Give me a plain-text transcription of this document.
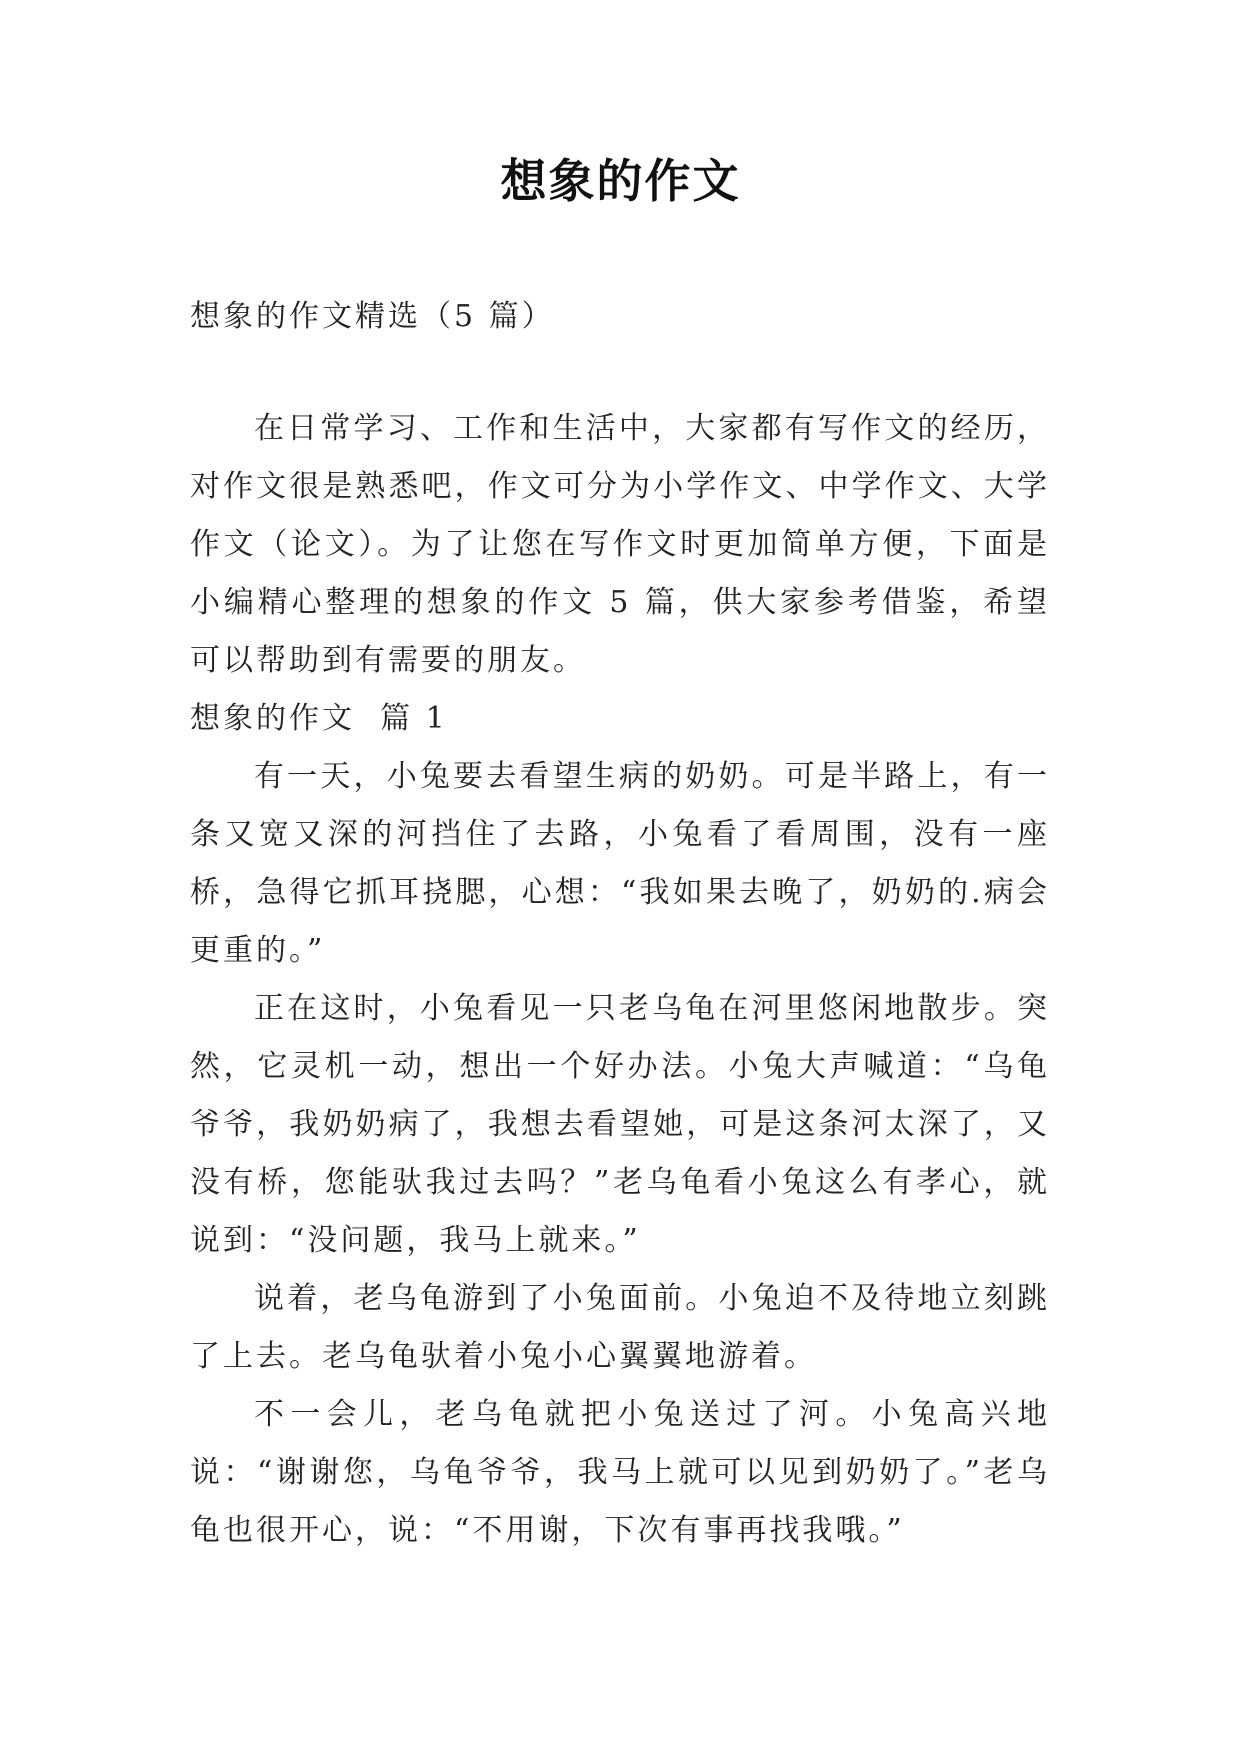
想象的作文

想象的作文精选（5 篇）

在日常学习、工作和生活中，大家都有写作文的经历，对作文很是熟悉吧，作文可分为小学作文、中学作文、大学作文（论文）。为了让您在写作文时更加简单方便，下面是小编精心整理的想象的作文 5 篇，供大家参考借鉴，希望可以帮助到有需要的朋友。

想象的作文  篇 1

有一天，小兔要去看望生病的奶奶。可是半路上，有一条又宽又深的河挡住了去路，小兔看了看周围，没有一座桥，急得它抓耳挠腮，心想：“我如果去晚了，奶奶的.病会更重的。”

正在这时，小兔看见一只老乌龟在河里悠闲地散步。突然，它灵机一动，想出一个好办法。小兔大声喊道：“乌龟爷爷，我奶奶病了，我想去看望她，可是这条河太深了，又没有桥，您能驮我过去吗？”老乌龟看小兔这么有孝心，就说到：“没问题，我马上就来。”

说着，老乌龟游到了小兔面前。小兔迫不及待地立刻跳了上去。老乌龟驮着小兔小心翼翼地游着。

不一会儿，老乌龟就把小兔送过了河。小兔高兴地说：“谢谢您，乌龟爷爷，我马上就可以见到奶奶了。”老乌龟也很开心，说：“不用谢，下次有事再找我哦。”
